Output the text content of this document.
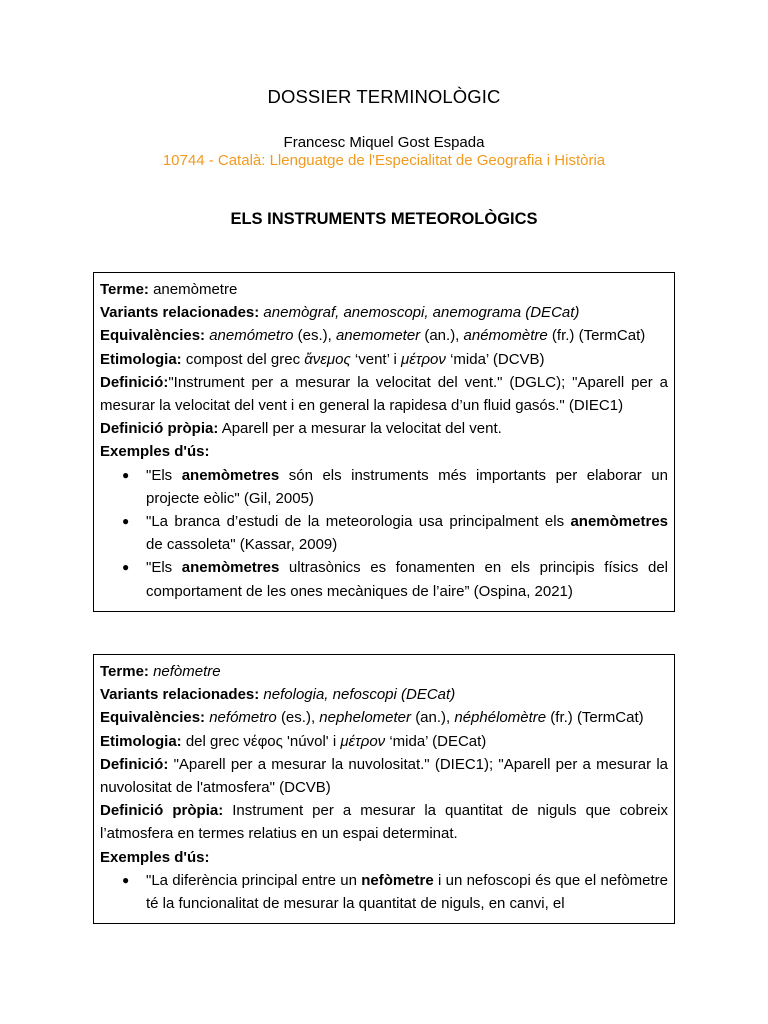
DOSSIER TERMINOLÒGIC
Francesc Miquel Gost Espada
10744 - Català: Llenguatge de l'Especialitat de Geografia i Història
ELS INSTRUMENTS METEOROLÒGICS

Terme: anemòmetre

Variants relacionades: anemògraf, anemoscopi, anemograma (DECat)

Equivalències: anemómetro (es.), anemometer (an.), anémomètre (fr.) (TermCat)

Etimologia: compost del grec ἄνεμος ‘vent’ i μέτρον ‘mida’ (DCVB)

Definició:"Instrument per a mesurar la velocitat del vent." (DGLC); "Aparell per a mesurar la velocitat del vent i en general la rapidesa d’un fluid gasós." (DIEC1)

Definició pròpia: Aparell per a mesurar la velocitat del vent.

Exemples d'ús:

● "Els anemòmetres són els instruments més importants per elaborar un projecte eòlic" (Gil, 2005)
● "La branca d’estudi de la meteorologia usa principalment els anemòmetres de cassoleta" (Kassar, 2009)
● "Els anemòmetres ultrasònics es fonamenten en els principis físics del comportament de les ones mecàniques de l’aire” (Ospina, 2021)

Terme: nefòmetre

Variants relacionades: nefologia, nefoscopi (DECat)

Equivalències: nefómetro (es.), nephelometer (an.), néphélomètre (fr.) (TermCat)

Etimologia: del grec νέφος 'núvol' i μέτρον ‘mida’ (DECat)

Definició: "Aparell per a mesurar la nuvolositat." (DIEC1); "Aparell per a mesurar la nuvolositat de l'atmosfera" (DCVB)

Definició pròpia: Instrument per a mesurar la quantitat de niguls que cobreix l’atmosfera en termes relatius en un espai determinat.

Exemples d'ús:

● "La diferència principal entre un nefòmetre i un nefoscopi és que el nefòmetre té la funcionalitat de mesurar la quantitat de niguls, en canvi, el
